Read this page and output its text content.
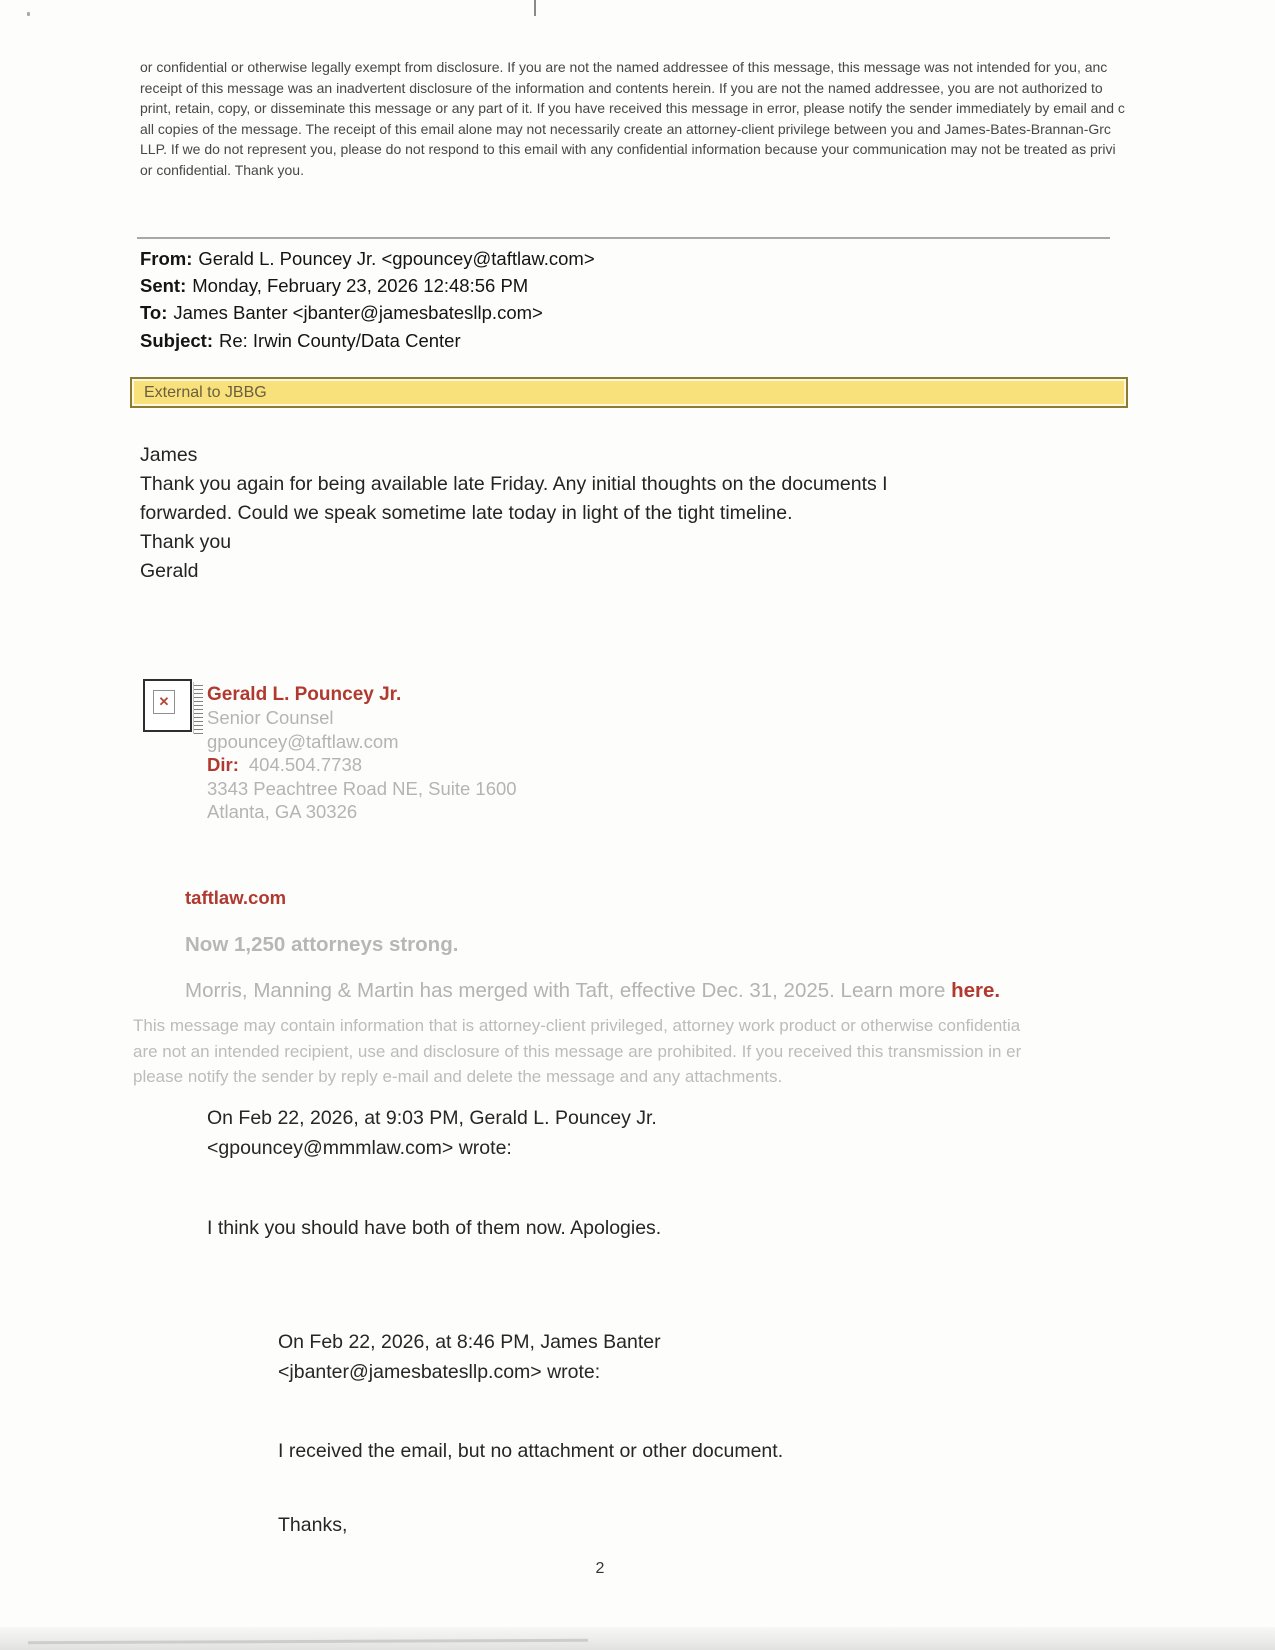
or confidential or otherwise legally exempt from disclosure. If you are not the named addressee of this message, this message was not intended for you, anc
receipt of this message was an inadvertent disclosure of the information and contents herein. If you are not the named addressee, you are not authorized to
print, retain, copy, or disseminate this message or any part of it. If you have received this message in error, please notify the sender immediately by email and c
all copies of the message. The receipt of this email alone may not necessarily create an attorney-client privilege between you and James-Bates-Brannan-Grc
LLP. If we do not represent you, please do not respond to this email with any confidential information because your communication may not be treated as privi
or confidential. Thank you.
From: Gerald L. Pouncey Jr. <gpouncey@taftlaw.com>
Sent: Monday, February 23, 2026 12:48:56 PM
To: James Banter <jbanter@jamesbatesllp.com>
Subject: Re: Irwin County/Data Center
External to JBBG
James
Thank you again for being available late Friday. Any initial thoughts on the documents I
forwarded. Could we speak sometime late today in light of the tight timeline.
Thank you
Gerald
✕ Gerald L. Pouncey Jr.
Senior Counsel
gpouncey@taftlaw.com
Dir: 404.504.7738
3343 Peachtree Road NE, Suite 1600
Atlanta, GA 30326
taftlaw.com
Now 1,250 attorneys strong.
Morris, Manning & Martin has merged with Taft, effective Dec. 31, 2025. Learn more here.
This message may contain information that is attorney-client privileged, attorney work product or otherwise confidentia
are not an intended recipient, use and disclosure of this message are prohibited. If you received this transmission in er
please notify the sender by reply e-mail and delete the message and any attachments.
On Feb 22, 2026, at 9:03 PM, Gerald L. Pouncey Jr.
<gpouncey@mmmlaw.com> wrote:
I think you should have both of them now. Apologies.
On Feb 22, 2026, at 8:46 PM, James Banter
<jbanter@jamesbatesllp.com> wrote:
I received the email, but no attachment or other document.
Thanks,
2
